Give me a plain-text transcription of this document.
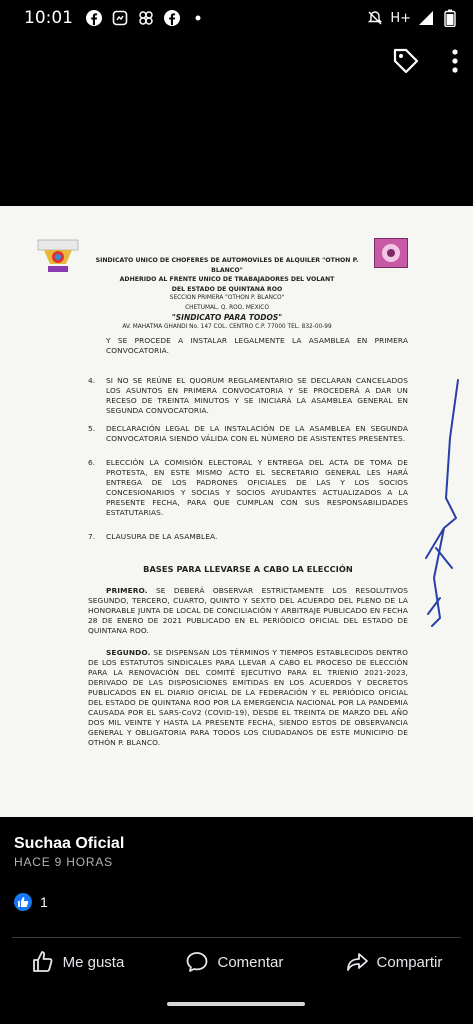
10:01	H+
SINDICATO UNICO DE CHOFERES DE AUTOMOVILES DE ALQUILER "OTHON P. BLANCO"
ADHERIDO AL FRENTE UNICO DE TRABAJADORES DEL VOLANT
DEL ESTADO DE QUINTANA ROO
SECCION PRIMERA "OTHON P. BLANCO"
CHETUMAL, Q. ROO, MEXICO
"SINDICATO PARA TODOS"
AV. MAHATMA GHANDI No. 147 COL. CENTRO C.P. 77000 TEL. 832-00-99
Y SE PROCEDE A INSTALAR LEGALMENTE LA ASAMBLEA EN PRIMERA CONVOCATORIA.
4.	SI NO SE REÚNE EL QUORUM REGLAMENTARIO SE DECLARAN CANCELADOS LOS ASUNTOS EN PRIMERA CONVOCATORIA Y SE PROCEDERÁ A DAR UN RECESO DE TREINTA MINUTOS Y SE INICIARÁ LA ASAMBLEA GENERAL EN SEGUNDA CONVOCATORIA.
5.	DECLARACIÓN LEGAL DE LA INSTALACIÓN DE LA ASAMBLEA EN SEGUNDA CONVOCATORIA SIENDO VÁLIDA CON EL NÚMERO DE ASISTENTES PRESENTES.
6.	ELECCIÓN LA COMISIÓN ELECTORAL Y ENTREGA DEL ACTA DE TOMA DE PROTESTA, EN ESTE MISMO ACTO EL SECRETARIO GENERAL LES HARÁ ENTREGA DE LOS PADRONES OFICIALES DE LAS Y LOS SOCIOS CONCESIONARIOS Y SOCIAS Y SOCIOS AYUDANTES ACTUALIZADOS A LA PRESENTE FECHA, PARA QUE CUMPLAN CON SUS RESPONSABILIDADES ESTATUTARIAS.
7.	CLAUSURA DE LA ASAMBLEA.
BASES PARA LLEVARSE A CABO LA ELECCIÓN
PRIMERO. SE DEBERÁ OBSERVAR ESTRICTAMENTE LOS RESOLUTIVOS SEGUNDO, TERCERO, CUARTO, QUINTO Y SEXTO DEL ACUERDO DEL PLENO DE LA HONORABLE JUNTA DE LOCAL DE CONCILIACIÓN Y ARBITRAJE PUBLICADO EN FECHA 28 DE ENERO DE 2021 PUBLICADO EN EL PERIÓDICO OFICIAL DEL ESTADO DE QUINTANA ROO.
SEGUNDO. SE DISPENSAN LOS TÉRMINOS Y TIEMPOS ESTABLECIDOS DENTRO DE LOS ESTATUTOS SINDICALES PARA LLEVAR A CABO EL PROCESO DE ELECCIÓN PARA LA RENOVACIÓN DEL COMITÉ EJECUTIVO PARA EL TRIENIO 2021-2023, DERIVADO DE LAS DISPOSICIONES EMITIDAS EN LOS ACUERDOS Y DECRETOS PUBLICADOS EN EL DIARIO OFICIAL DE LA FEDERACIÓN Y EL PERIÓDICO OFICIAL DEL ESTADO DE QUINTANA ROO POR LA EMERGENCIA NACIONAL POR LA PANDEMIA CAUSADA POR EL SARS-CoV2 (COVID-19), DESDE EL TREINTA DE MARZO DEL AÑO DOS MIL VEINTE Y HASTA LA PRESENTE FECHA, SIENDO ESTOS DE OBSERVANCIA GENERAL Y OBLIGATORIA PARA TODOS LOS CIUDADANOS DE ESTE MUNICIPIO DE OTHÓN P. BLANCO.
Suchaa Oficial
HACE 9 HORAS
1
Me gusta	Comentar	Compartir
